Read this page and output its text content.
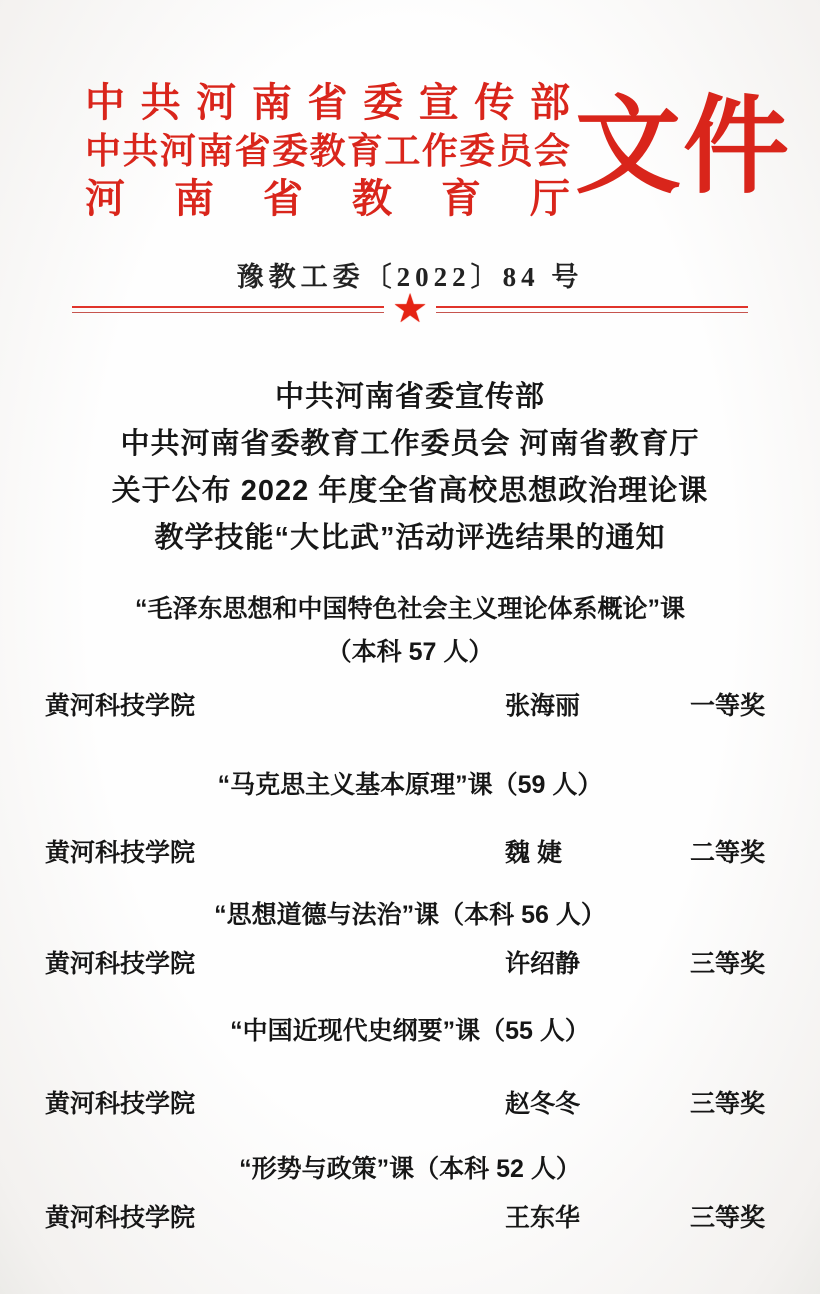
中共河南省委宣传部
中共河南省委教育工作委员会
河南省教育厅 文件
豫教工委〔2022〕84 号
★
中共河南省委宣传部
中共河南省委教育工作委员会 河南省教育厅
关于公布 2022 年度全省高校思想政治理论课
教学技能“大比武”活动评选结果的通知
“毛泽东思想和中国特色社会主义理论体系概论”课
（本科 57 人）
黄河科技学院	张海丽	一等奖
“马克思主义基本原理”课（59 人）
黄河科技学院	魏 婕	二等奖
“思想道德与法治”课（本科 56 人）
黄河科技学院	许绍静	三等奖
“中国近现代史纲要”课（55 人）
黄河科技学院	赵冬冬	三等奖
“形势与政策”课（本科 52 人）
黄河科技学院	王东华	三等奖
